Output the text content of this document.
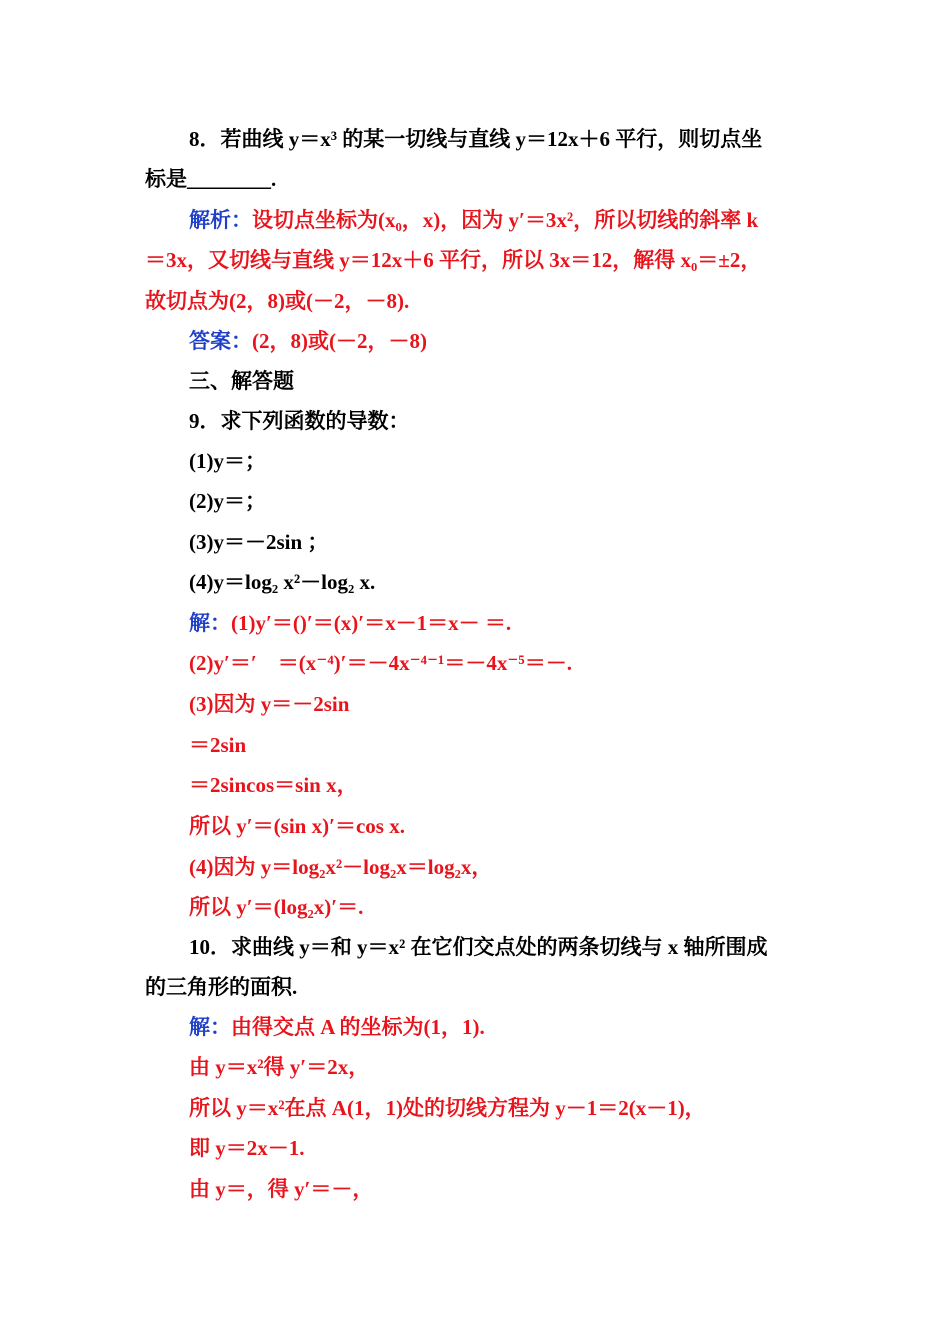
8．若曲线 y＝x³ 的某一切线与直线 y＝12x＋6 平行，则切点坐
标是________.
解析：设切点坐标为(x₀，x)，因为 y′＝3x²，所以切线的斜率 k
＝3x，又切线与直线 y＝12x＋6 平行，所以 3x＝12，解得 x₀＝±2，
故切点为(2，8)或(－2，－8).
答案：(2，8)或(－2，－8)
三、解答题
9．求下列函数的导数：
(1)y＝；
(2)y＝；
(3)y＝－2sin ；
(4)y＝log₂ x²－log₂ x.
解：(1)y′＝()′＝(x)′＝x－1＝x－ ＝.
(2)y′＝′　＝(x⁻⁴)′＝－4x⁻⁴⁻¹＝－4x⁻⁵＝－.
(3)因为 y＝－2sin
＝2sin
＝2sincos＝sin x，
所以 y′＝(sin x)′＝cos x.
(4)因为 y＝log₂x²－log₂x＝log₂x，
所以 y′＝(log₂x)′＝.
10．求曲线 y＝和 y＝x² 在它们交点处的两条切线与 x 轴所围成
的三角形的面积.
解：由得交点 A 的坐标为(1，1).
由 y＝x²得 y′＝2x，
所以 y＝x²在点 A(1，1)处的切线方程为 y－1＝2(x－1)，
即 y＝2x－1.
由 y＝，得 y′＝－，
